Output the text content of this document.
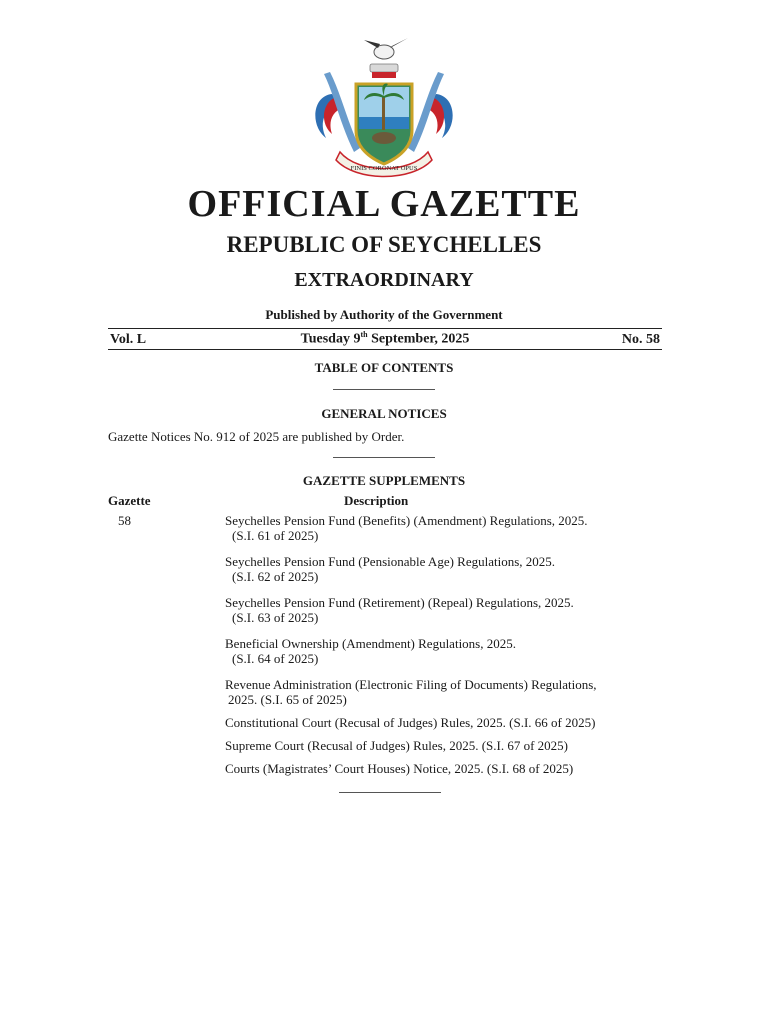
FINIS CORONAT OPUS
OFFICIAL GAZETTE
REPUBLIC OF SEYCHELLES
EXTRAORDINARY
Published by Authority of the Government
Vol. L	Tuesday 9th September, 2025	No. 58
TABLE OF CONTENTS
GENERAL NOTICES
Gazette Notices No. 912 of 2025 are published by Order.
GAZETTE SUPPLEMENTS
Gazette	Description
58	Seychelles Pension Fund (Benefits) (Amendment) Regulations, 2025.
(S.I. 61 of 2025)

Seychelles Pension Fund (Pensionable Age) Regulations, 2025.
(S.I. 62 of 2025)

Seychelles Pension Fund (Retirement) (Repeal) Regulations, 2025.
(S.I. 63 of 2025)

Beneficial Ownership (Amendment) Regulations, 2025.
(S.I. 64 of 2025)

Revenue Administration (Electronic Filing of Documents) Regulations,
2025. (S.I. 65 of 2025)

Constitutional Court (Recusal of Judges) Rules, 2025. (S.I. 66 of 2025)

Supreme Court (Recusal of Judges) Rules, 2025. (S.I. 67 of 2025)

Courts (Magistrates’ Court Houses) Notice, 2025. (S.I. 68 of 2025)
